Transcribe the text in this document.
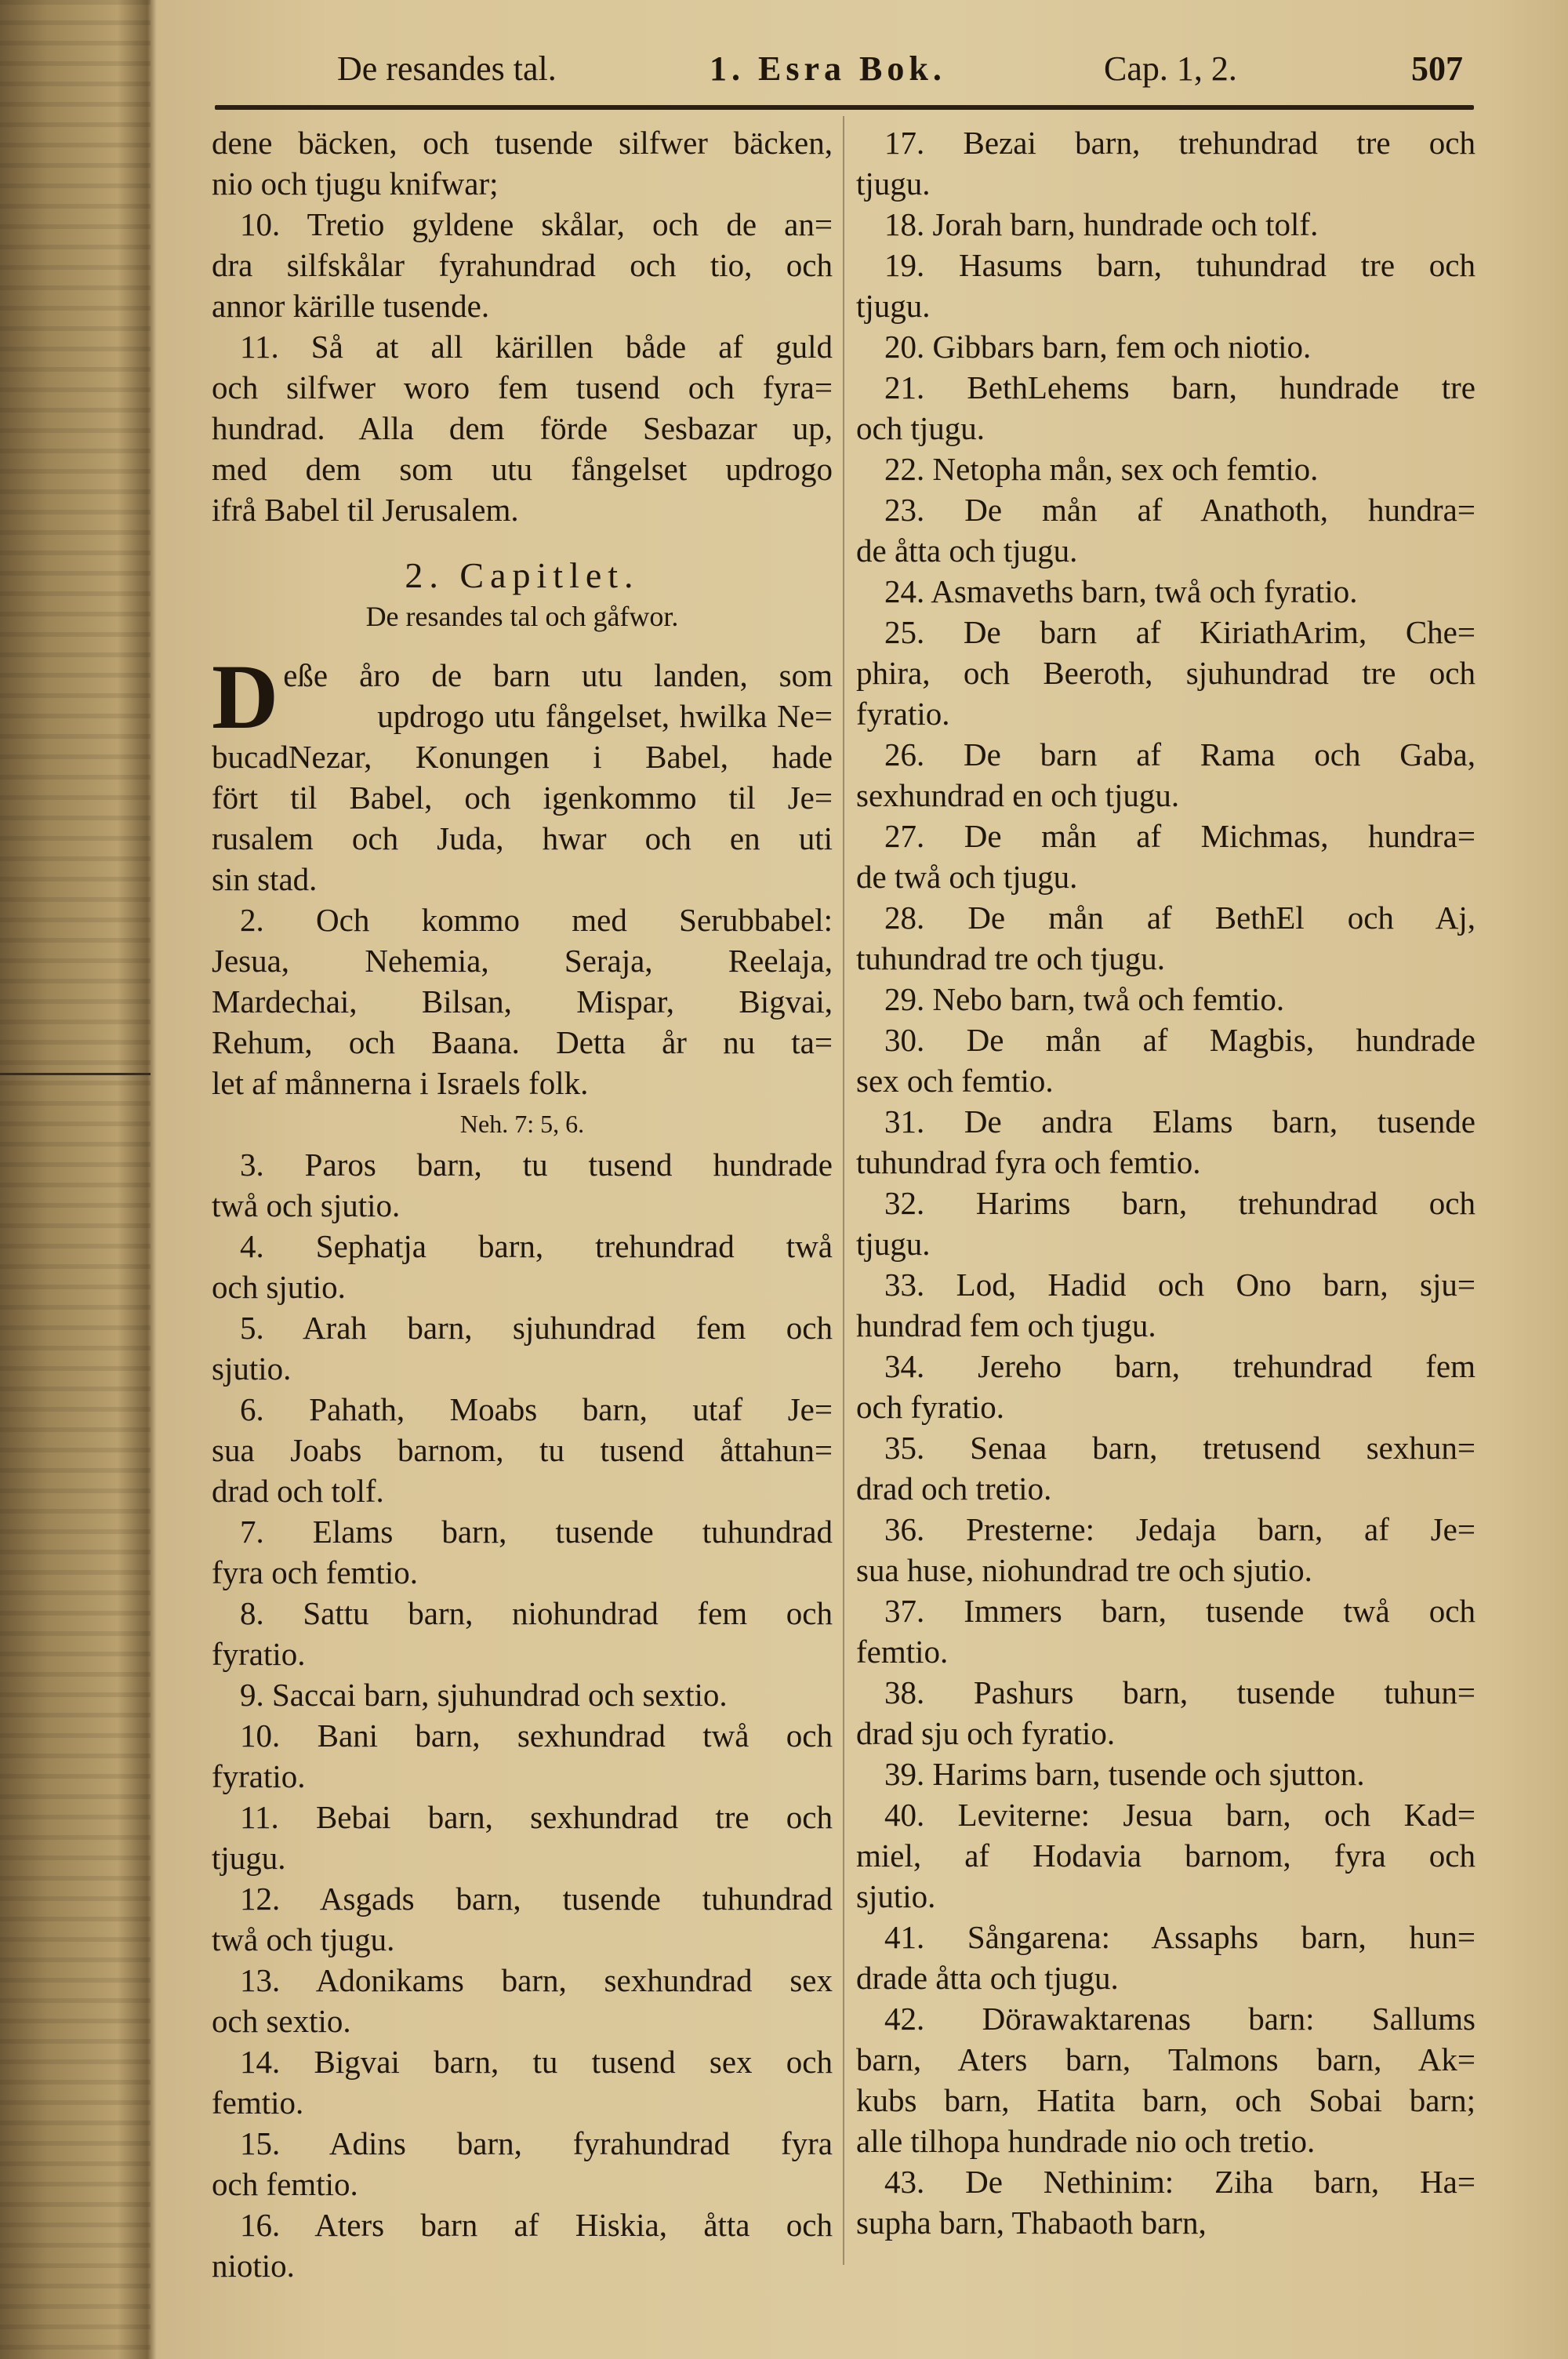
De resandes tal.	1. Esra Bok.	Cap. 1, 2.	507
dene bäcken, och tusende silfwer bäcken,
nio och tjugu knifwar;
10. Tretio gyldene skålar, och de an=
dra silfskålar fyrahundrad och tio, och
annor kärille tusende.
11. Så at all kärillen både af guld
och silfwer woro fem tusend och fyra=
hundrad. Alla dem förde Sesbazar up,
med dem som utu fångelset updrogo
ifrå Babel til Jerusalem.
2. Capitlet.
De resandes tal och gåfwor.
D eße åro de barn utu landen, som
updrogo utu fångelset, hwilka Ne=
bucadNezar, Konungen i Babel, hade
fört til Babel, och igenkommo til Je=
rusalem och Juda, hwar och en uti
sin stad.
2. Och kommo med Serubbabel:
Jesua, Nehemia, Seraja, Reelaja,
Mardechai, Bilsan, Mispar, Bigvai,
Rehum, och Baana. Detta år nu ta=
let af månnerna i Israels folk.
Neh. 7: 5, 6.
3. Paros barn, tu tusend hundrade
twå och sjutio.
4. Sephatja barn, trehundrad twå
och sjutio.
5. Arah barn, sjuhundrad fem och
sjutio.
6. Pahath, Moabs barn, utaf Je=
sua Joabs barnom, tu tusend åttahun=
drad och tolf.
7. Elams barn, tusende tuhundrad
fyra och femtio.
8. Sattu barn, niohundrad fem och
fyratio.
9. Saccai barn, sjuhundrad och sextio.
10. Bani barn, sexhundrad twå och
fyratio.
11. Bebai barn, sexhundrad tre och
tjugu.
12. Asgads barn, tusende tuhundrad
twå och tjugu.
13. Adonikams barn, sexhundrad sex
och sextio.
14. Bigvai barn, tu tusend sex och
femtio.
15. Adins barn, fyrahundrad fyra
och femtio.
16. Aters barn af Hiskia, åtta och
niotio.
17. Bezai barn, trehundrad tre och
tjugu.
18. Jorah barn, hundrade och tolf.
19. Hasums barn, tuhundrad tre och
tjugu.
20. Gibbars barn, fem och niotio.
21. BethLehems barn, hundrade tre
och tjugu.
22. Netopha mån, sex och femtio.
23. De mån af Anathoth, hundra=
de åtta och tjugu.
24. Asmaveths barn, twå och fyratio.
25. De barn af KiriathArim, Che=
phira, och Beeroth, sjuhundrad tre och
fyratio.
26. De barn af Rama och Gaba,
sexhundrad en och tjugu.
27. De mån af Michmas, hundra=
de twå och tjugu.
28. De mån af BethEl och Aj,
tuhundrad tre och tjugu.
29. Nebo barn, twå och femtio.
30. De mån af Magbis, hundrade
sex och femtio.
31. De andra Elams barn, tusende
tuhundrad fyra och femtio.
32. Harims barn, trehundrad och
tjugu.
33. Lod, Hadid och Ono barn, sju=
hundrad fem och tjugu.
34. Jereho barn, trehundrad fem
och fyratio.
35. Senaa barn, tretusend sexhun=
drad och tretio.
36. Presterne: Jedaja barn, af Je=
sua huse, niohundrad tre och sjutio.
37. Immers barn, tusende twå och
femtio.
38. Pashurs barn, tusende tuhun=
drad sju och fyratio.
39. Harims barn, tusende och sjutton.
40. Leviterne: Jesua barn, och Kad=
miel, af Hodavia barnom, fyra och
sjutio.
41. Sångarena: Assaphs barn, hun=
drade åtta och tjugu.
42. Dörawaktarenas barn: Sallums
barn, Aters barn, Talmons barn, Ak=
kubs barn, Hatita barn, och Sobai barn;
alle tilhopa hundrade nio och tretio.
43. De Nethinim: Ziha barn, Ha=
supha barn, Thabaoth barn,
